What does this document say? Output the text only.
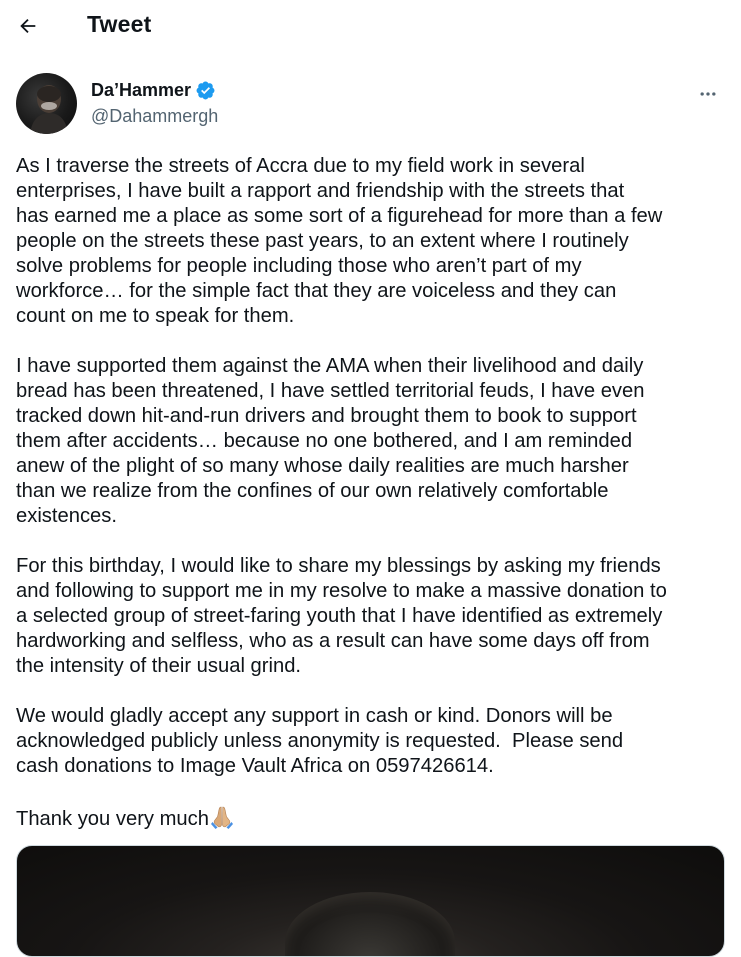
Tweet
Da’Hammer
@Dahammergh

As I traverse the streets of Accra due to my field work in several
enterprises, I have built a rapport and friendship with the streets that
has earned me a place as some sort of a figurehead for more than a few
people on the streets these past years, to an extent where I routinely
solve problems for people including those who aren’t part of my
workforce… for the simple fact that they are voiceless and they can
count on me to speak for them.

I have supported them against the AMA when their livelihood and daily
bread has been threatened, I have settled territorial feuds, I have even
tracked down hit-and-run drivers and brought them to book to support
them after accidents… because no one bothered, and I am reminded
anew of the plight of so many whose daily realities are much harsher
than we realize from the confines of our own relatively comfortable
existences.

For this birthday, I would like to share my blessings by asking my friends
and following to support me in my resolve to make a massive donation to
a selected group of street-faring youth that I have identified as extremely
hardworking and selfless, who as a result can have some days off from
the intensity of their usual grind.

We would gladly accept any support in cash or kind. Donors will be
acknowledged publicly unless anonymity is requested.  Please send
cash donations to Image Vault Africa on 0597426614.

Thank you very much
